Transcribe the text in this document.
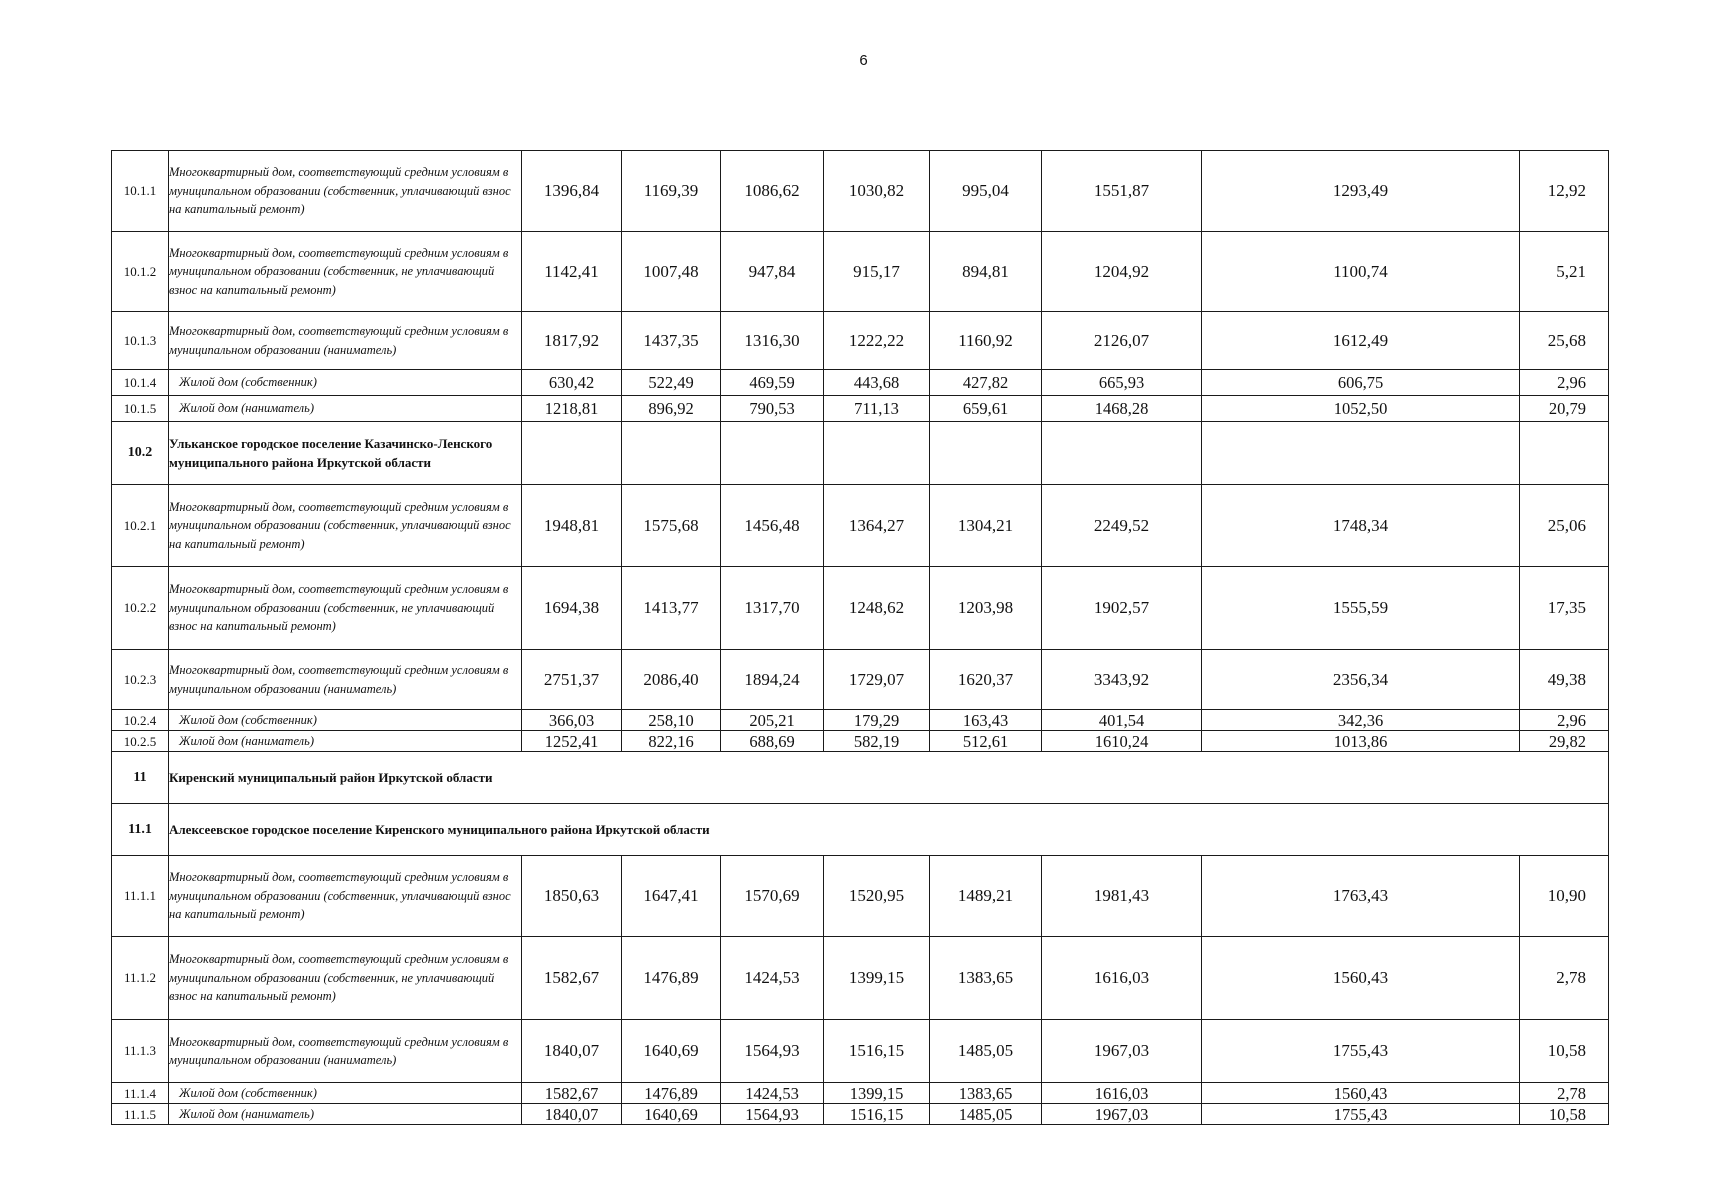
6
10.1.1	Многоквартирный дом, соответствующий средним условиям в муниципальном образовании (собственник, уплачивающий взнос на капитальный ремонт)	1396,84	1169,39	1086,62	1030,82	995,04	1551,87	1293,49	12,92
10.1.2	Многоквартирный дом, соответствующий средним условиям в муниципальном образовании (собственник, не уплачивающий взнос на капитальный ремонт)	1142,41	1007,48	947,84	915,17	894,81	1204,92	1100,74	5,21
10.1.3	Многоквартирный дом, соответствующий средним условиям в муниципальном образовании (наниматель)	1817,92	1437,35	1316,30	1222,22	1160,92	2126,07	1612,49	25,68
10.1.4	Жилой дом (собственник)	630,42	522,49	469,59	443,68	427,82	665,93	606,75	2,96
10.1.5	Жилой дом (наниматель)	1218,81	896,92	790,53	711,13	659,61	1468,28	1052,50	20,79
10.2	Ульканское городское поселение Казачинско-Ленского муниципального района Иркутской области								
10.2.1	Многоквартирный дом, соответствующий средним условиям в муниципальном образовании (собственник, уплачивающий взнос на капитальный ремонт)	1948,81	1575,68	1456,48	1364,27	1304,21	2249,52	1748,34	25,06
10.2.2	Многоквартирный дом, соответствующий средним условиям в муниципальном образовании (собственник, не уплачивающий взнос на капитальный ремонт)	1694,38	1413,77	1317,70	1248,62	1203,98	1902,57	1555,59	17,35
10.2.3	Многоквартирный дом, соответствующий средним условиям в муниципальном образовании (наниматель)	2751,37	2086,40	1894,24	1729,07	1620,37	3343,92	2356,34	49,38
10.2.4	Жилой дом (собственник)	366,03	258,10	205,21	179,29	163,43	401,54	342,36	2,96
10.2.5	Жилой дом (наниматель)	1252,41	822,16	688,69	582,19	512,61	1610,24	1013,86	29,82
11	Киренский муниципальный район Иркутской области								
11.1	Алексеевское городское поселение Киренского муниципального района Иркутской области								
11.1.1	Многоквартирный дом, соответствующий средним условиям в муниципальном образовании (собственник, уплачивающий взнос на капитальный ремонт)	1850,63	1647,41	1570,69	1520,95	1489,21	1981,43	1763,43	10,90
11.1.2	Многоквартирный дом, соответствующий средним условиям в муниципальном образовании (собственник, не уплачивающий взнос на капитальный ремонт)	1582,67	1476,89	1424,53	1399,15	1383,65	1616,03	1560,43	2,78
11.1.3	Многоквартирный дом, соответствующий средним условиям в муниципальном образовании (наниматель)	1840,07	1640,69	1564,93	1516,15	1485,05	1967,03	1755,43	10,58
11.1.4	Жилой дом (собственник)	1582,67	1476,89	1424,53	1399,15	1383,65	1616,03	1560,43	2,78
11.1.5	Жилой дом (наниматель)	1840,07	1640,69	1564,93	1516,15	1485,05	1967,03	1755,43	10,58
